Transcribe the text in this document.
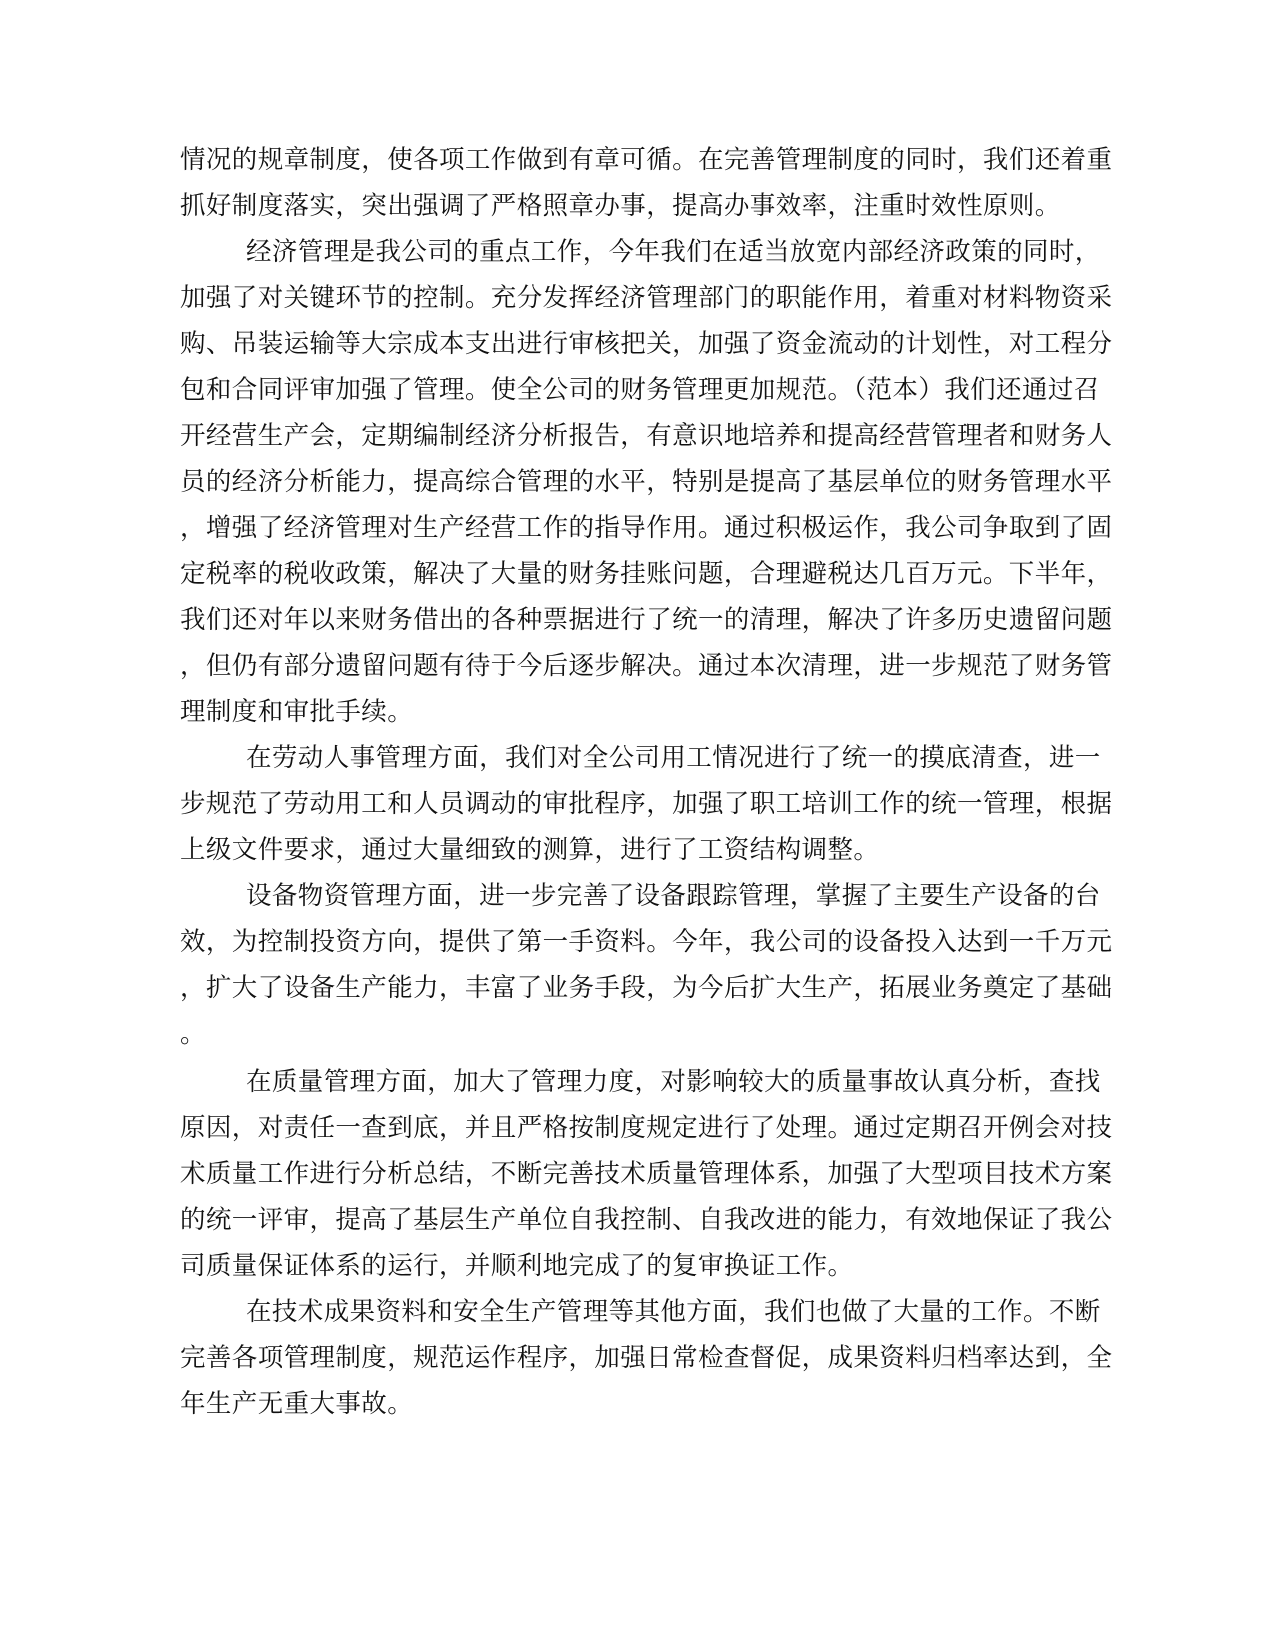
情况的规章制度，使各项工作做到有章可循。在完善管理制度的同时，我们还着重

抓好制度落实，突出强调了严格照章办事，提高办事效率，注重时效性原则。

经济管理是我公司的重点工作，今年我们在适当放宽内部经济政策的同时，

加强了对关键环节的控制。充分发挥经济管理部门的职能作用，着重对材料物资采

购、吊装运输等大宗成本支出进行审核把关，加强了资金流动的计划性，对工程分

包和合同评审加强了管理。使全公司的财务管理更加规范。（范本）我们还通过召

开经营生产会，定期编制经济分析报告，有意识地培养和提高经营管理者和财务人

员的经济分析能力，提高综合管理的水平，特别是提高了基层单位的财务管理水平

，增强了经济管理对生产经营工作的指导作用。通过积极运作，我公司争取到了固

定税率的税收政策，解决了大量的财务挂账问题，合理避税达几百万元。下半年，

我们还对年以来财务借出的各种票据进行了统一的清理，解决了许多历史遗留问题

，但仍有部分遗留问题有待于今后逐步解决。通过本次清理，进一步规范了财务管

理制度和审批手续。

在劳动人事管理方面，我们对全公司用工情况进行了统一的摸底清查，进一

步规范了劳动用工和人员调动的审批程序，加强了职工培训工作的统一管理，根据

上级文件要求，通过大量细致的测算，进行了工资结构调整。

设备物资管理方面，进一步完善了设备跟踪管理，掌握了主要生产设备的台

效，为控制投资方向，提供了第一手资料。今年，我公司的设备投入达到一千万元

，扩大了设备生产能力，丰富了业务手段，为今后扩大生产，拓展业务奠定了基础

。

在质量管理方面，加大了管理力度，对影响较大的质量事故认真分析，查找

原因，对责任一查到底，并且严格按制度规定进行了处理。通过定期召开例会对技

术质量工作进行分析总结，不断完善技术质量管理体系，加强了大型项目技术方案

的统一评审，提高了基层生产单位自我控制、自我改进的能力，有效地保证了我公

司质量保证体系的运行，并顺利地完成了的复审换证工作。

在技术成果资料和安全生产管理等其他方面，我们也做了大量的工作。不断

完善各项管理制度，规范运作程序，加强日常检查督促，成果资料归档率达到，全

年生产无重大事故。
